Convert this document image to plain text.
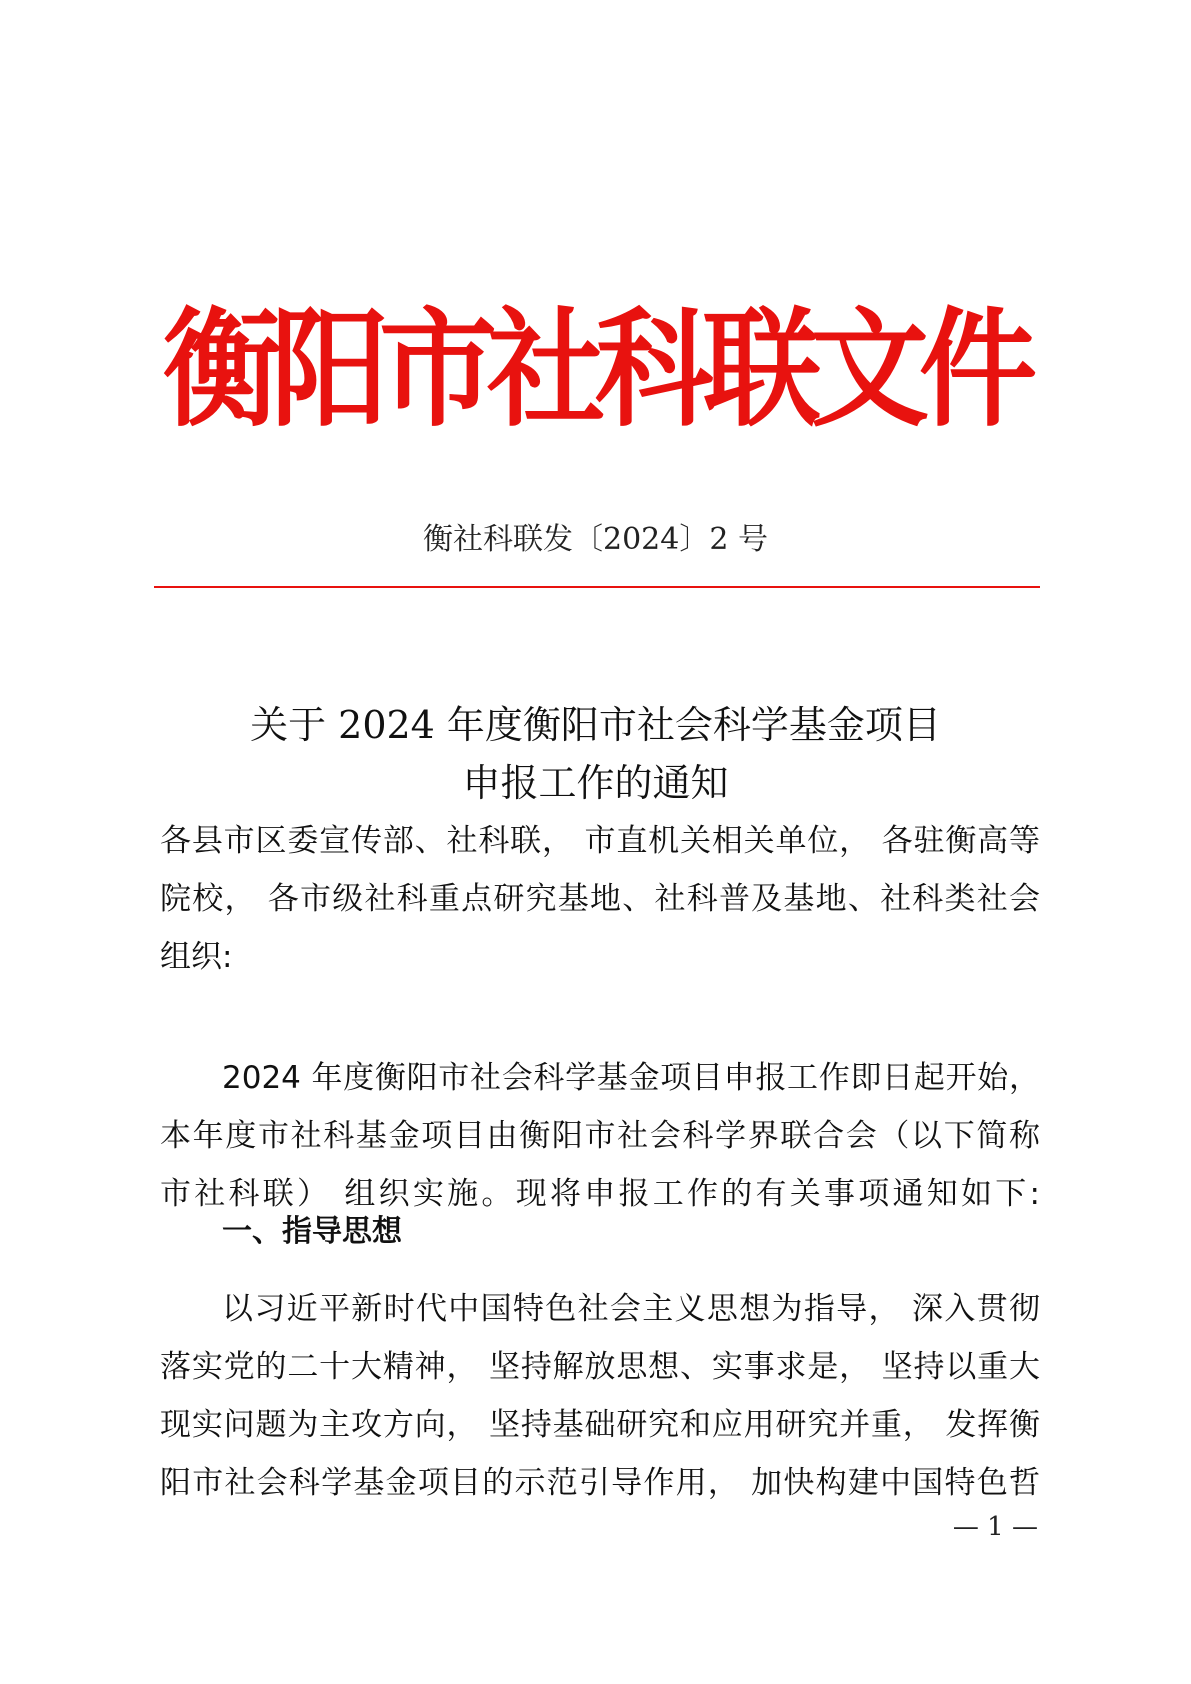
衡阳市社科联文件
衡社科联发〔2024〕2 号
关于 2024 年度衡阳市社会科学基金项目
申报工作的通知
各县市区委宣传部、社科联， 市直机关相关单位， 各驻衡高等
院校， 各市级社科重点研究基地、社科普及基地、社科类社会
组织:
2024 年度衡阳市社会科学基金项目申报工作即日起开始，
本年度市社科基金项目由衡阳市社会科学界联合会（以下简称
市社科联） 组织实施。现将申报工作的有关事项通知如下:
一、指导思想
以习近平新时代中国特色社会主义思想为指导， 深入贯彻
落实党的二十大精神， 坚持解放思想、实事求是， 坚持以重大
现实问题为主攻方向， 坚持基础研究和应用研究并重， 发挥衡
阳市社会科学基金项目的示范引导作用， 加快构建中国特色哲
— 1 —
